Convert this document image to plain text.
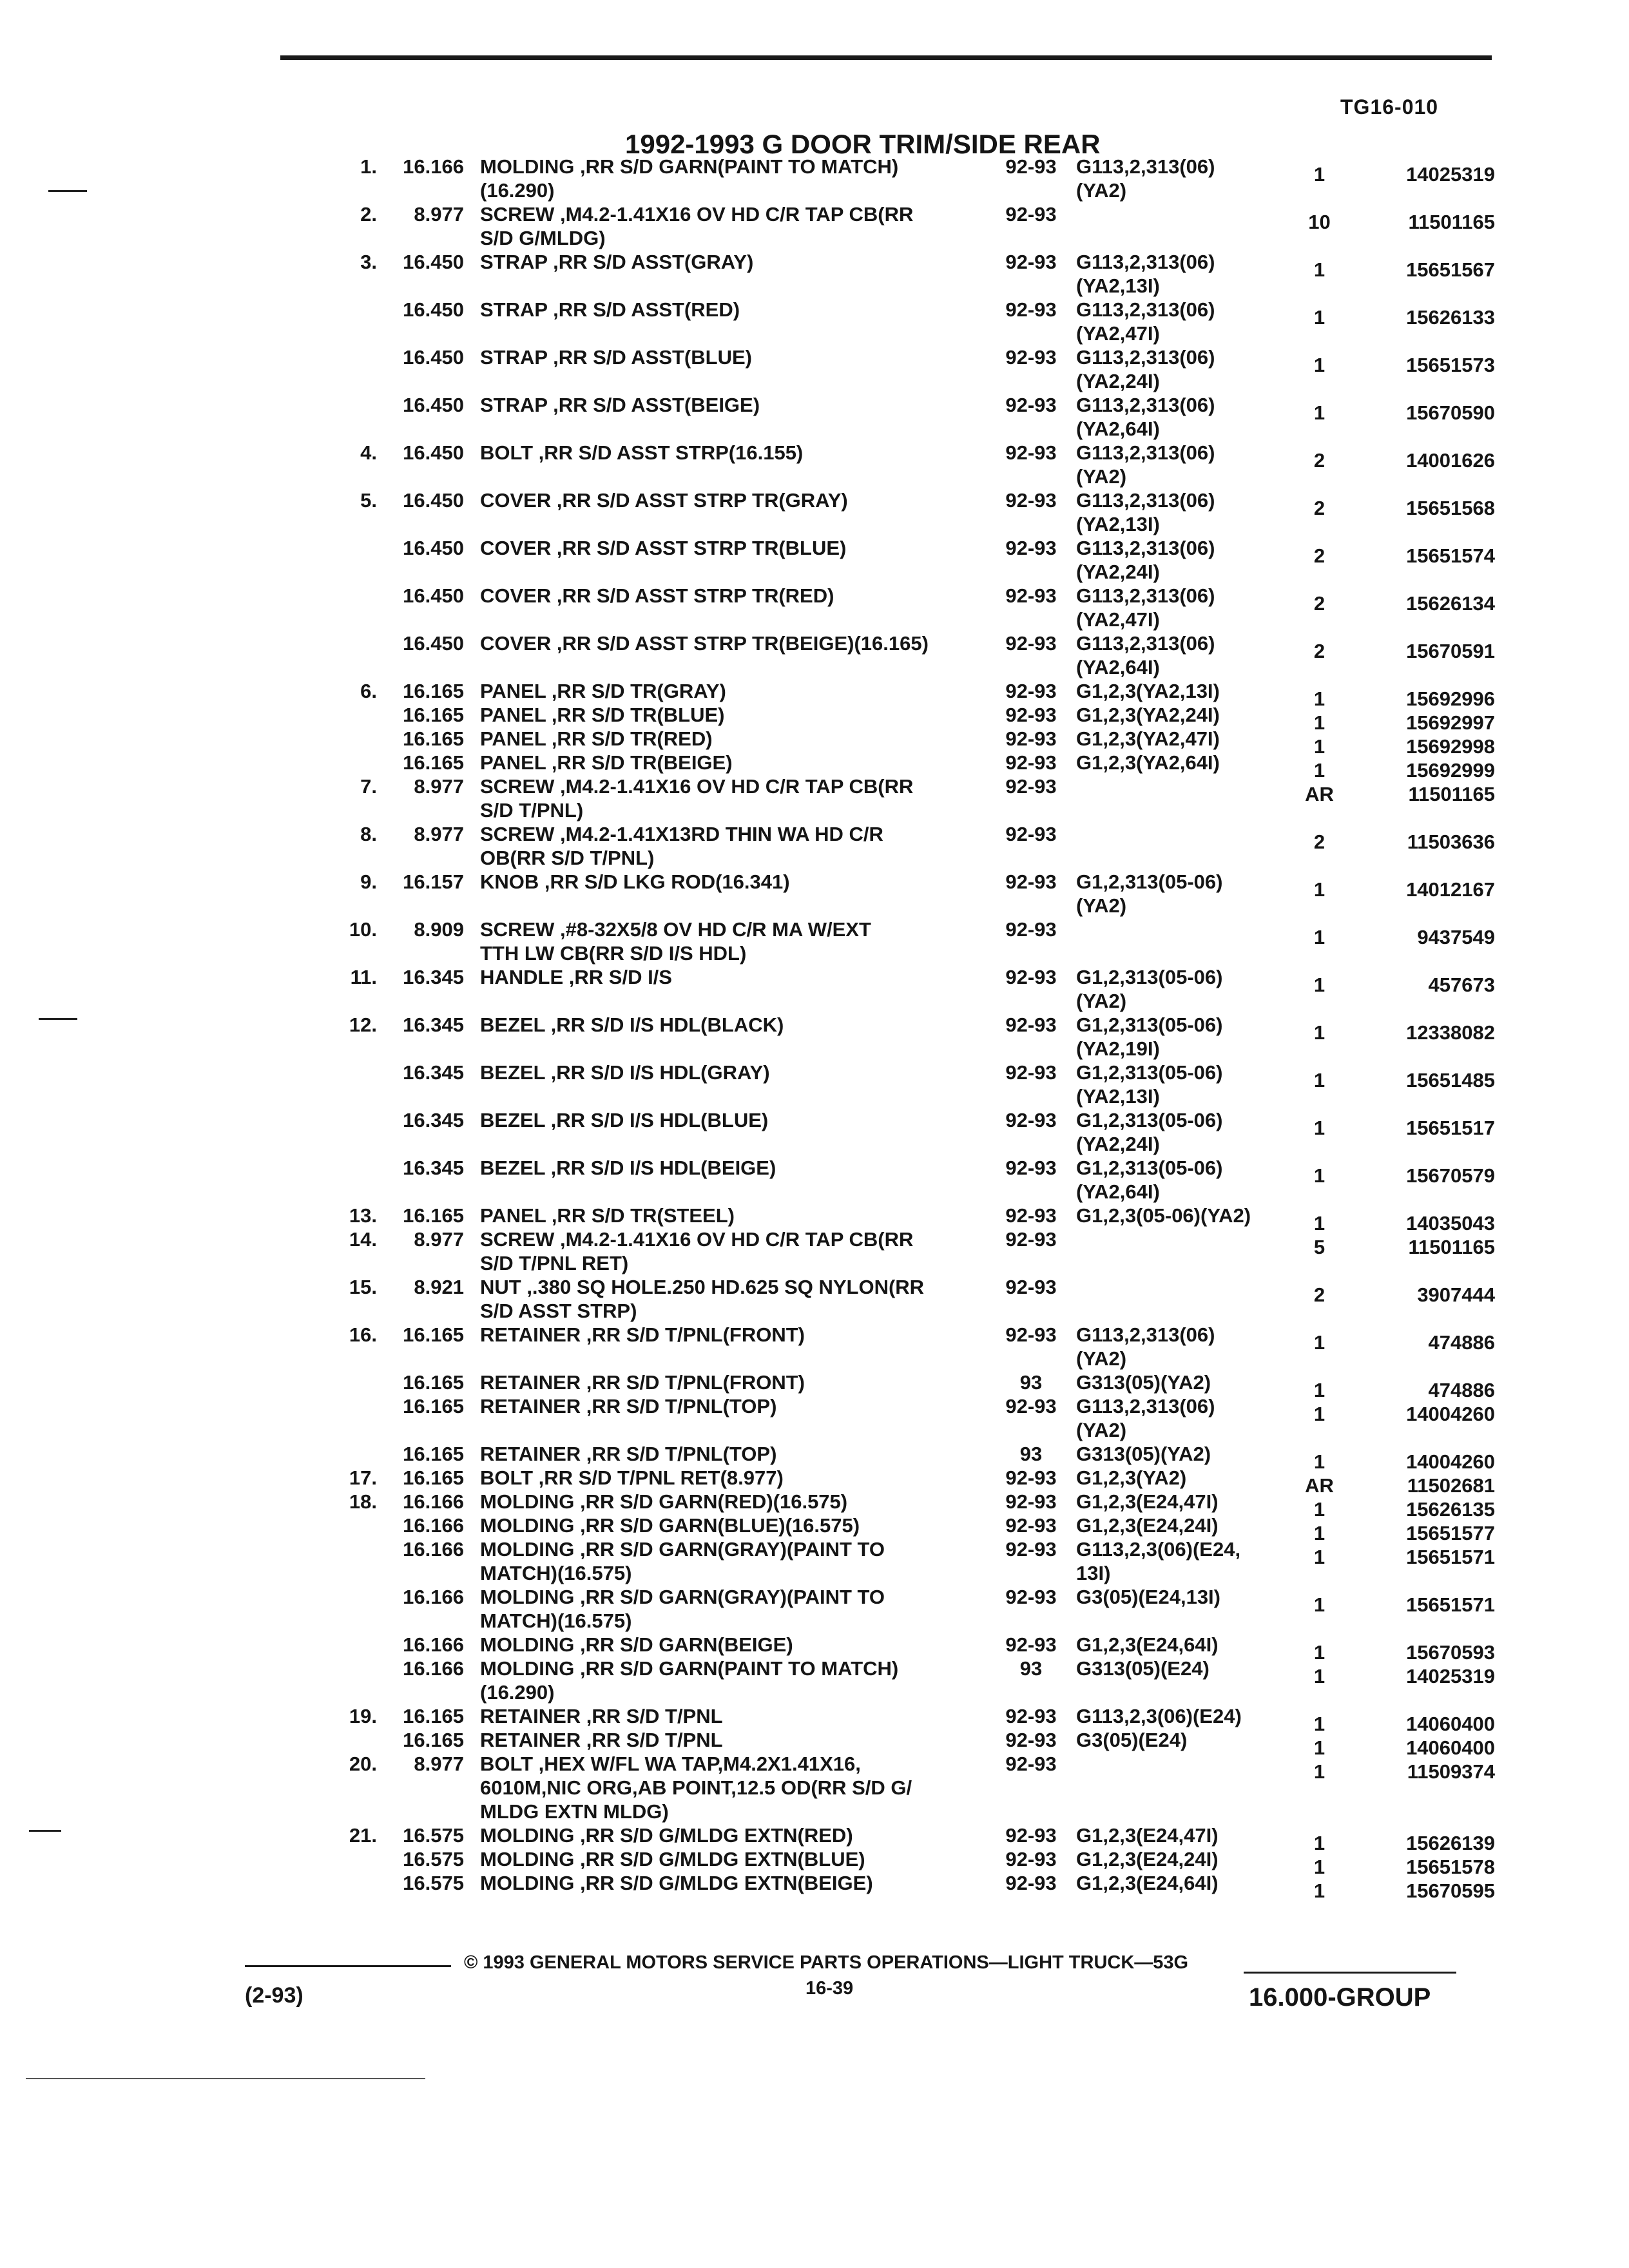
TG16-010
1992-1993 G DOOR TRIM/SIDE REAR
1.	16.166 MOLDING ,RR S/D GARN(PAINT TO MATCH)
(16.290)
92-93 G113,2,313(06)
(YA2)
1	14025319
2.	8.977 SCREW ,M4.2-1.41X16 OV HD C/R TAP CB(RR
S/D G/MLDG)
92-93	10	11501165
3.	16.450 STRAP ,RR S/D ASST(GRAY)	92-93 G113,2,313(06)
(YA2,13I)
1	15651567
16.450 STRAP ,RR S/D ASST(RED)	92-93 G113,2,313(06)
(YA2,47I)
1	15626133
16.450 STRAP ,RR S/D ASST(BLUE)	92-93 G113,2,313(06)
(YA2,24I)
1	15651573
16.450 STRAP ,RR S/D ASST(BEIGE)	92-93 G113,2,313(06)
(YA2,64I)
1	15670590
4.	16.450 BOLT ,RR S/D ASST STRP(16.155)	92-93 G113,2,313(06)
(YA2)
2	14001626
5.	16.450 COVER ,RR S/D ASST STRP TR(GRAY)	92-93 G113,2,313(06)
(YA2,13I)
2	15651568
16.450 COVER ,RR S/D ASST STRP TR(BLUE)	92-93 G113,2,313(06)
(YA2,24I)
2	15651574
16.450 COVER ,RR S/D ASST STRP TR(RED)	92-93 G113,2,313(06)
(YA2,47I)
2	15626134
16.450 COVER ,RR S/D ASST STRP TR(BEIGE)(16.165)	92-93 G113,2,313(06)
(YA2,64I)
2	15670591
6.	16.165 PANEL ,RR S/D TR(GRAY)	92-93 G1,2,3(YA2,13I)	1	15692996
16.165 PANEL ,RR S/D TR(BLUE)	92-93 G1,2,3(YA2,24I)	1	15692997
16.165 PANEL ,RR S/D TR(RED)	92-93 G1,2,3(YA2,47I)	1	15692998
16.165 PANEL ,RR S/D TR(BEIGE)	92-93 G1,2,3(YA2,64I)	1	15692999
7.	8.977 SCREW ,M4.2-1.41X16 OV HD C/R TAP CB(RR
S/D T/PNL)
92-93	AR	11501165
8.	8.977 SCREW ,M4.2-1.41X13RD THIN WA HD C/R
OB(RR S/D T/PNL)
92-93	2	11503636
9.	16.157 KNOB ,RR S/D LKG ROD(16.341)	92-93 G1,2,313(05-06)
(YA2)
1	14012167
10.	8.909 SCREW ,#8-32X5/8 OV HD C/R MA W/EXT
TTH LW CB(RR S/D I/S HDL)
92-93	1	9437549
11.	16.345 HANDLE ,RR S/D I/S	92-93 G1,2,313(05-06)
(YA2)
1	457673
12.	16.345 BEZEL ,RR S/D I/S HDL(BLACK)	92-93 G1,2,313(05-06)
(YA2,19I)
1	12338082
16.345 BEZEL ,RR S/D I/S HDL(GRAY)	92-93 G1,2,313(05-06)
(YA2,13I)
1	15651485
16.345 BEZEL ,RR S/D I/S HDL(BLUE)	92-93 G1,2,313(05-06)
(YA2,24I)
1	15651517
16.345 BEZEL ,RR S/D I/S HDL(BEIGE)	92-93 G1,2,313(05-06)
(YA2,64I)
1	15670579
13.	16.165 PANEL ,RR S/D TR(STEEL)	92-93 G1,2,3(05-06)(YA2)	1	14035043
14.	8.977 SCREW ,M4.2-1.41X16 OV HD C/R TAP CB(RR
S/D T/PNL RET)
92-93	5	11501165
15.	8.921 NUT ,.380 SQ HOLE.250 HD.625 SQ NYLON(RR
S/D ASST STRP)
92-93	2	3907444
16.	16.165 RETAINER ,RR S/D T/PNL(FRONT)	92-93 G113,2,313(06)
(YA2)
1	474886
16.165 RETAINER ,RR S/D T/PNL(FRONT)	93	G313(05)(YA2)	1	474886
16.165 RETAINER ,RR S/D T/PNL(TOP)	92-93 G113,2,313(06)
(YA2)
1	14004260
16.165 RETAINER ,RR S/D T/PNL(TOP)	93	G313(05)(YA2)	1	14004260
17.	16.165 BOLT ,RR S/D T/PNL RET(8.977)	92-93 G1,2,3(YA2)	AR	11502681
18.	16.166 MOLDING ,RR S/D GARN(RED)(16.575)	92-93 G1,2,3(E24,47I)	1	15626135
16.166 MOLDING ,RR S/D GARN(BLUE)(16.575)	92-93 G1,2,3(E24,24I)	1	15651577
16.166 MOLDING ,RR S/D GARN(GRAY)(PAINT TO
MATCH)(16.575)
92-93 G113,2,3(06)(E24,
13I)
1	15651571
16.166 MOLDING ,RR S/D GARN(GRAY)(PAINT TO
MATCH)(16.575)
92-93 G3(05)(E24,13I)	1	15651571
16.166 MOLDING ,RR S/D GARN(BEIGE)	92-93 G1,2,3(E24,64I)	1	15670593
16.166 MOLDING ,RR S/D GARN(PAINT TO MATCH)
(16.290)
93	G313(05)(E24)	1	14025319
19.	16.165 RETAINER ,RR S/D T/PNL	92-93 G113,2,3(06)(E24)	1	14060400
16.165 RETAINER ,RR S/D T/PNL	92-93 G3(05)(E24)	1	14060400
20.	8.977 BOLT ,HEX W/FL WA TAP,M4.2X1.41X16,
6010M,NIC ORG,AB POINT,12.5 OD(RR S/D G/
MLDG EXTN MLDG)
92-93	1	11509374
21.	16.575 MOLDING ,RR S/D G/MLDG EXTN(RED)	92-93 G1,2,3(E24,47I)	1	15626139
16.575 MOLDING ,RR S/D G/MLDG EXTN(BLUE)	92-93 G1,2,3(E24,24I)	1	15651578
16.575 MOLDING ,RR S/D G/MLDG EXTN(BEIGE)	92-93 G1,2,3(E24,64I)	1	15670595
© 1993 GENERAL MOTORS SERVICE PARTS OPERATIONS—LIGHT TRUCK—53G
(2-93)	16-39	16.000-GROUP
